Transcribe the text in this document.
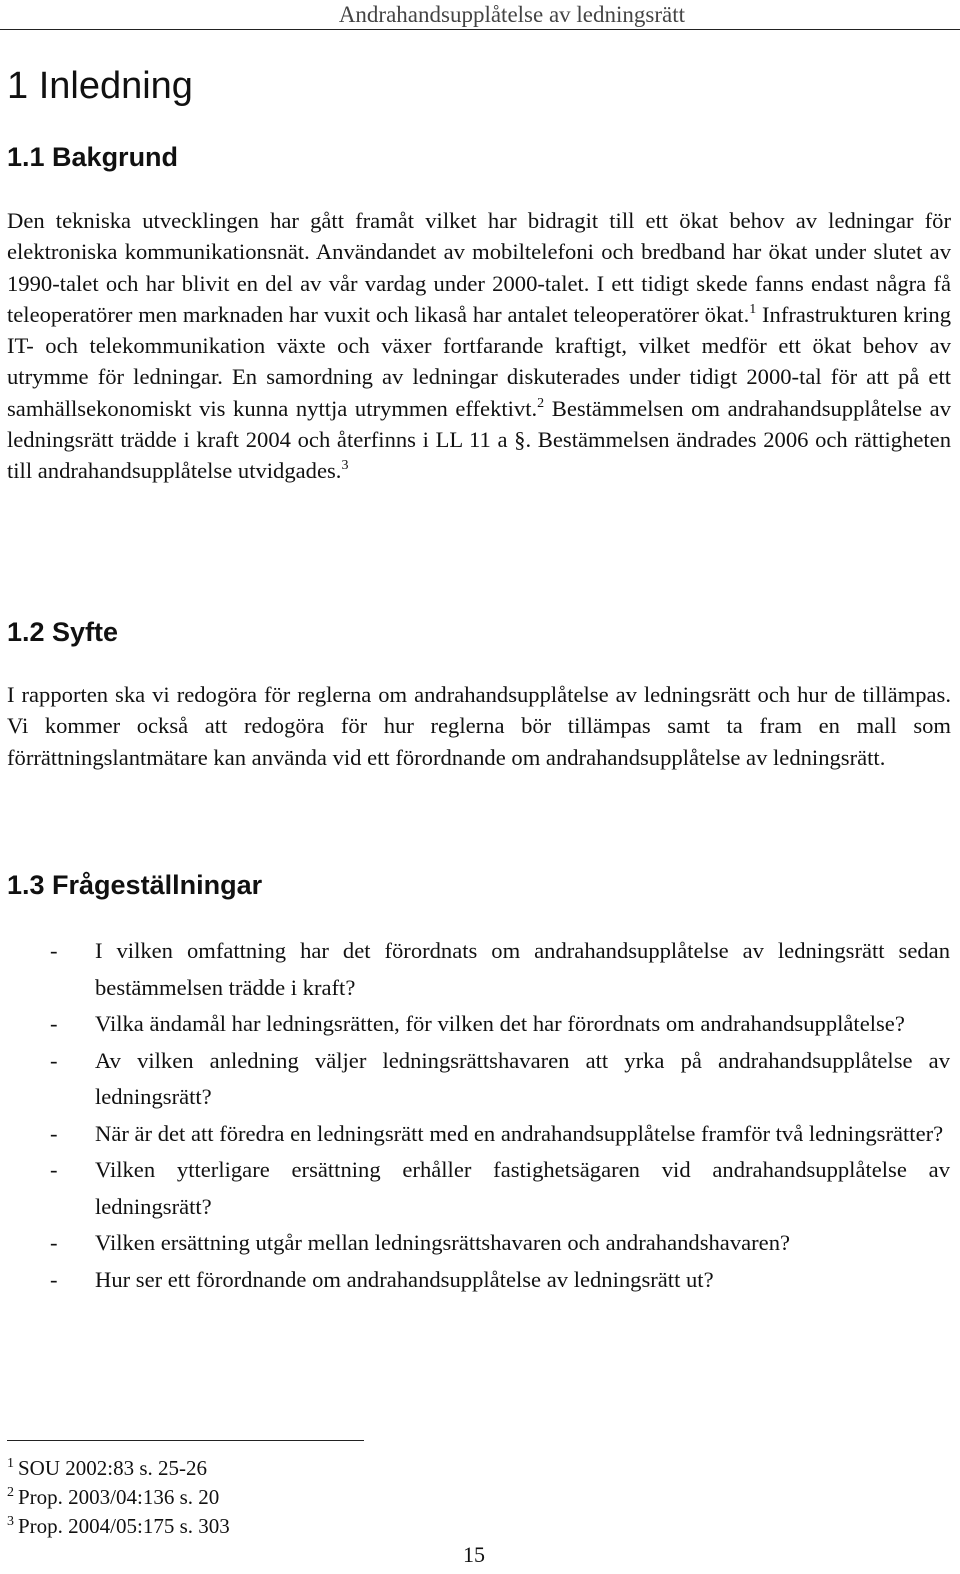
Andrahandsupplåtelse av ledningsrätt
1 Inledning
1.1 Bakgrund

Den tekniska utvecklingen har gått framåt vilket har bidragit till ett ökat behov av ledningar för elektroniska kommunikationsnät. Användandet av mobiltelefoni och bredband har ökat under slutet av 1990-talet och har blivit en del av vår vardag under 2000-talet. I ett tidigt skede fanns endast några få teleoperatörer men marknaden har vuxit och likaså har antalet teleoperatörer ökat.$^1$ Infrastrukturen kring IT- och telekommunikation växte och växer fortfarande kraftigt, vilket medför ett ökat behov av utrymme för ledningar. En samordning av ledningar diskuterades under tidigt 2000-tal för att på ett samhällsekonomiskt vis kunna nyttja utrymmen effektivt.$^2$ Bestämmelsen om andrahandsupplåtelse av ledningsrätt trädde i kraft 2004 och återfinns i LL 11 a §. Bestämmelsen ändrades 2006 och rättigheten till andrahandsupplåtelse utvidgades.$^3$

1.2 Syfte

I rapporten ska vi redogöra för reglerna om andrahandsupplåtelse av ledningsrätt och hur de tillämpas. Vi kommer också att redogöra för hur reglerna bör tillämpas samt ta fram en mall som förrättningslantmätare kan använda vid ett förordnande om andrahandsupplåtelse av ledningsrätt.

1.3 Frågeställningar
- I vilken omfattning har det förordnats om andrahandsupplåtelse av ledningsrätt sedan bestämmelsen trädde i kraft?
- Vilka ändamål har ledningsrätten, för vilken det har förordnats om andrahandsupplåtelse?
- Av vilken anledning väljer ledningsrättshavaren att yrka på andrahandsupplåtelse av ledningsrätt?
- När är det att föredra en ledningsrätt med en andrahandsupplåtelse framför två ledningsrätter?
- Vilken ytterligare ersättning erhåller fastighetsägaren vid andrahandsupplåtelse av ledningsrätt?
- Vilken ersättning utgår mellan ledningsrättshavaren och andrahandshavaren?
- Hur ser ett förordnande om andrahandsupplåtelse av ledningsrätt ut?
$^1$ SOU 2002:83 s. 25-26
$^2$ Prop. 2003/04:136 s. 20
$^3$ Prop. 2004/05:175 s. 303
15
